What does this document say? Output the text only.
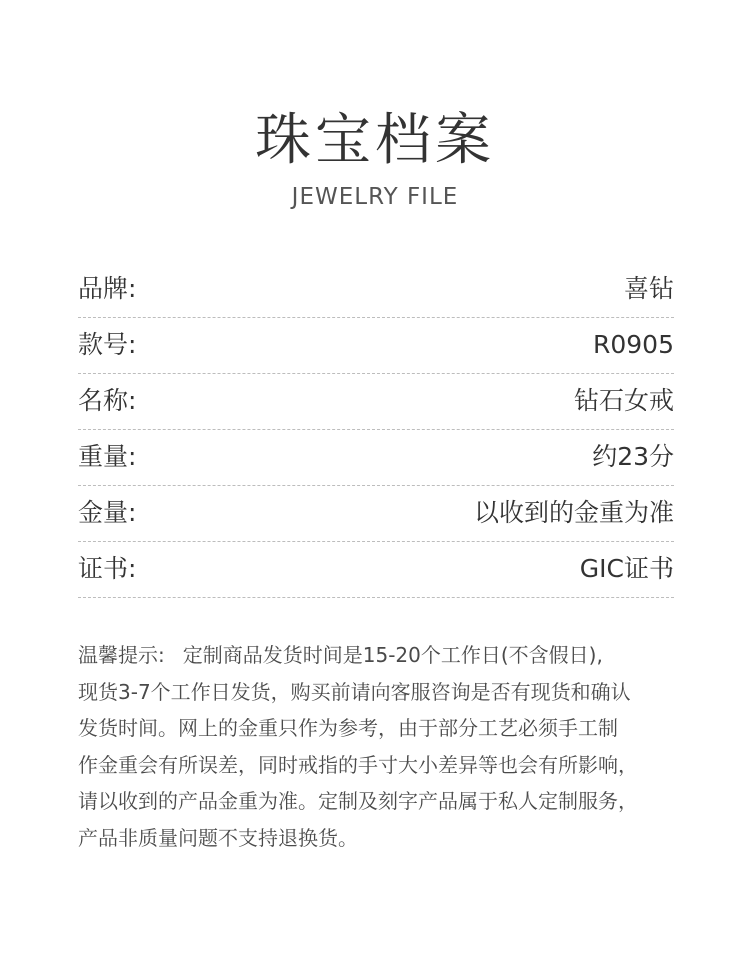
珠宝档案
JEWELRY FILE
品牌:	喜钻
款号:	R0905
名称:	钻石女戒
重量:	约23分
金量:	以收到的金重为准
证书:	GIC证书
温馨提示: 定制商品发货时间是15-20个工作日(不含假日),
现货3-7个工作日发货，购买前请向客服咨询是否有现货和确认
发货时间。网上的金重只作为参考，由于部分工艺必须手工制
作金重会有所误差，同时戒指的手寸大小差异等也会有所影响，
请以收到的产品金重为准。定制及刻字产品属于私人定制服务，
产品非质量问题不支持退换货。
